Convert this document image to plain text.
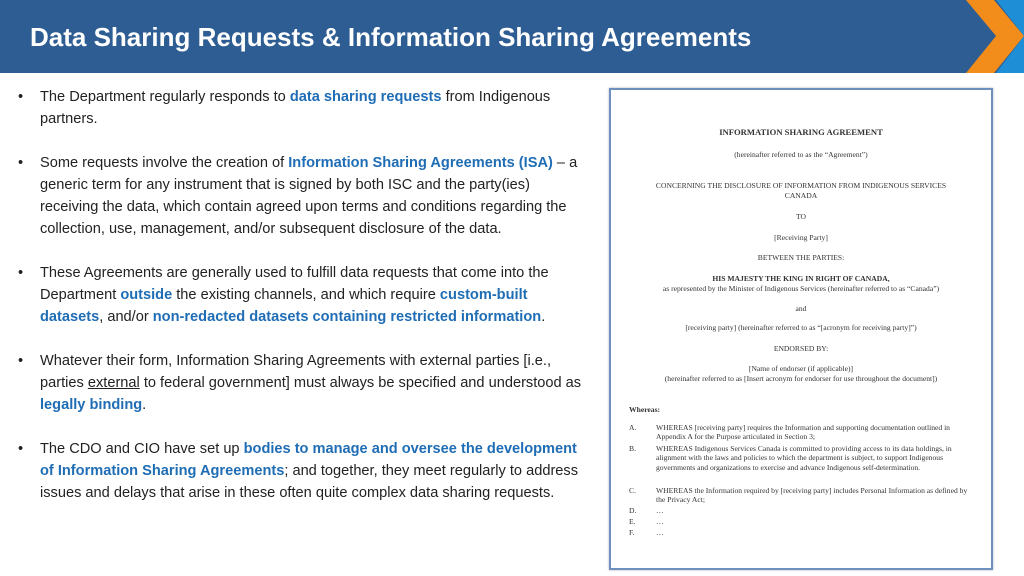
Data Sharing Requests & Information Sharing Agreements
• The Department regularly responds to data sharing requests from Indigenous partners.
• Some requests involve the creation of Information Sharing Agreements (ISA) – a generic term for any instrument that is signed by both ISC and the party(ies) receiving the data, which contain agreed upon terms and conditions regarding the collection, use, management, and/or subsequent disclosure of the data.
• These Agreements are generally used to fulfill data requests that come into the Department outside the existing channels, and which require custom-built datasets, and/or non-redacted datasets containing restricted information.
• Whatever their form, Information Sharing Agreements with external parties [i.e., parties external to federal government] must always be specified and understood as legally binding.
• The CDO and CIO have set up bodies to manage and oversee the development of Information Sharing Agreements; and together, they meet regularly to address issues and delays that arise in these often quite complex data sharing requests.
INFORMATION SHARING AGREEMENT
(hereinafter referred to as the “Agreement”)
CONCERNING THE DISCLOSURE OF INFORMATION FROM INDIGENOUS SERVICES
CANADA
TO
[Receiving Party]
BETWEEN THE PARTIES:
HIS MAJESTY THE KING IN RIGHT OF CANADA,
as represented by the Minister of Indigenous Services (hereinafter referred to as “Canada”)
and
[receiving party] (hereinafter referred to as “[acronym for receiving party]”)
ENDORSED BY:
[Name of endorser (if applicable)]
(hereinafter referred to as [Insert acronym for endorser for use throughout the document])
Whereas:
A.	WHEREAS [receiving party] requires the Information and supporting documentation outlined in Appendix A for the Purpose articulated in Section 3;
B.	WHEREAS Indigenous Services Canada is committed to providing access to its data holdings, in alignment with the laws and policies to which the department is subject, to support Indigenous governments and organizations to exercise and advance Indigenous self-determination.
C.	WHEREAS the Information required by [receiving party] includes Personal Information as defined by the Privacy Act;
D.	…
E.	…
F.	…
